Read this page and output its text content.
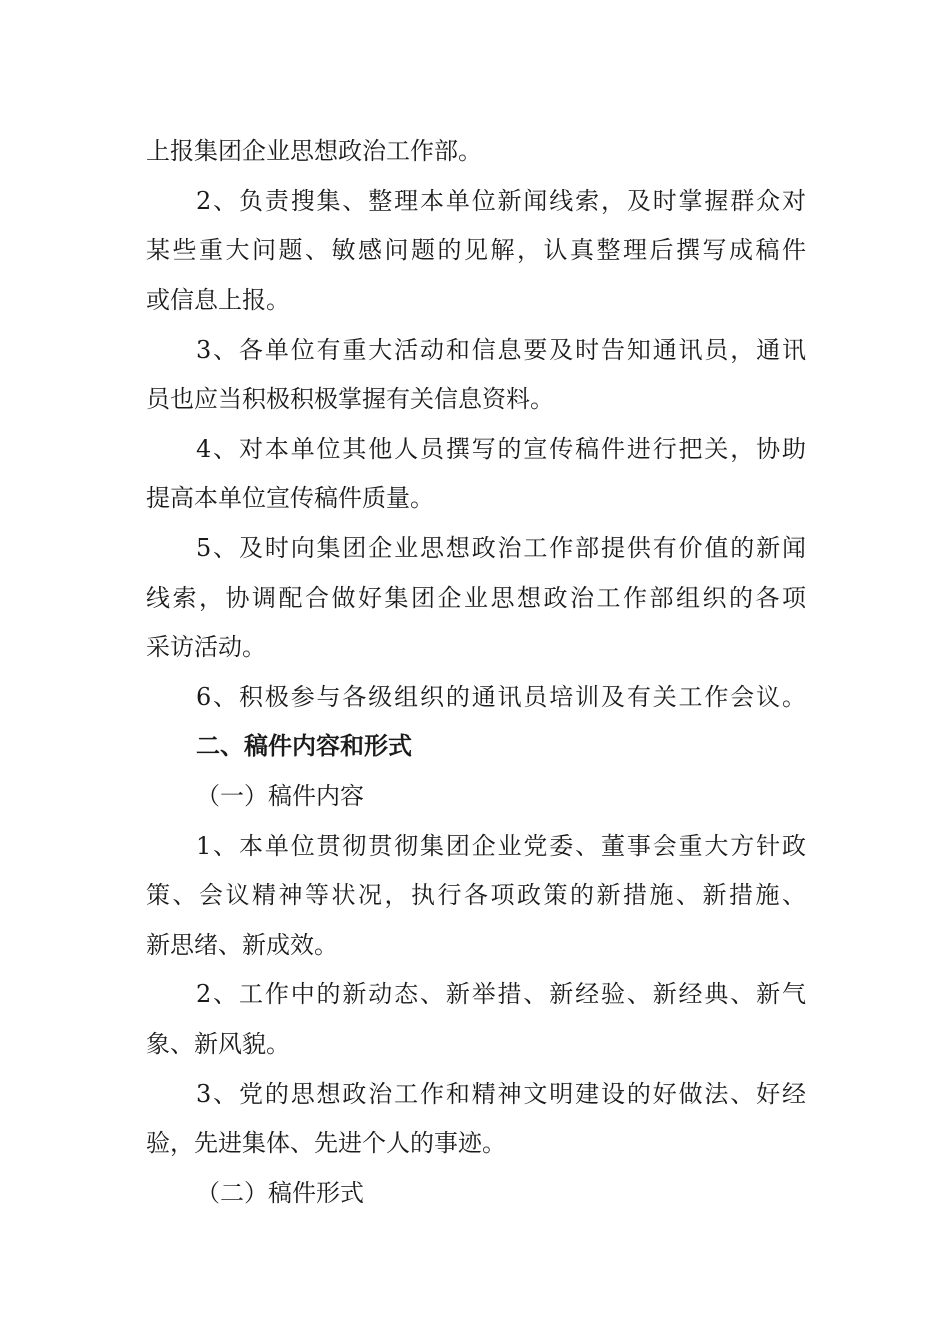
上报集团企业思想政治工作部。
2、负责搜集、整理本单位新闻线索，及时掌握群众对
某些重大问题、敏感问题的见解，认真整理后撰写成稿件
或信息上报。
3、各单位有重大活动和信息要及时告知通讯员，通讯
员也应当积极积极掌握有关信息资料。
4、对本单位其他人员撰写的宣传稿件进行把关，协助
提高本单位宣传稿件质量。
5、及时向集团企业思想政治工作部提供有价值的新闻
线索，协调配合做好集团企业思想政治工作部组织的各项
采访活动。
6、积极参与各级组织的通讯员培训及有关工作会议。
二、稿件内容和形式
（一）稿件内容
1、本单位贯彻贯彻集团企业党委、董事会重大方针政
策、会议精神等状况，执行各项政策的新措施、新措施、
新思绪、新成效。
2、工作中的新动态、新举措、新经验、新经典、新气
象、新风貌。
3、党的思想政治工作和精神文明建设的好做法、好经
验，先进集体、先进个人的事迹。
（二）稿件形式
